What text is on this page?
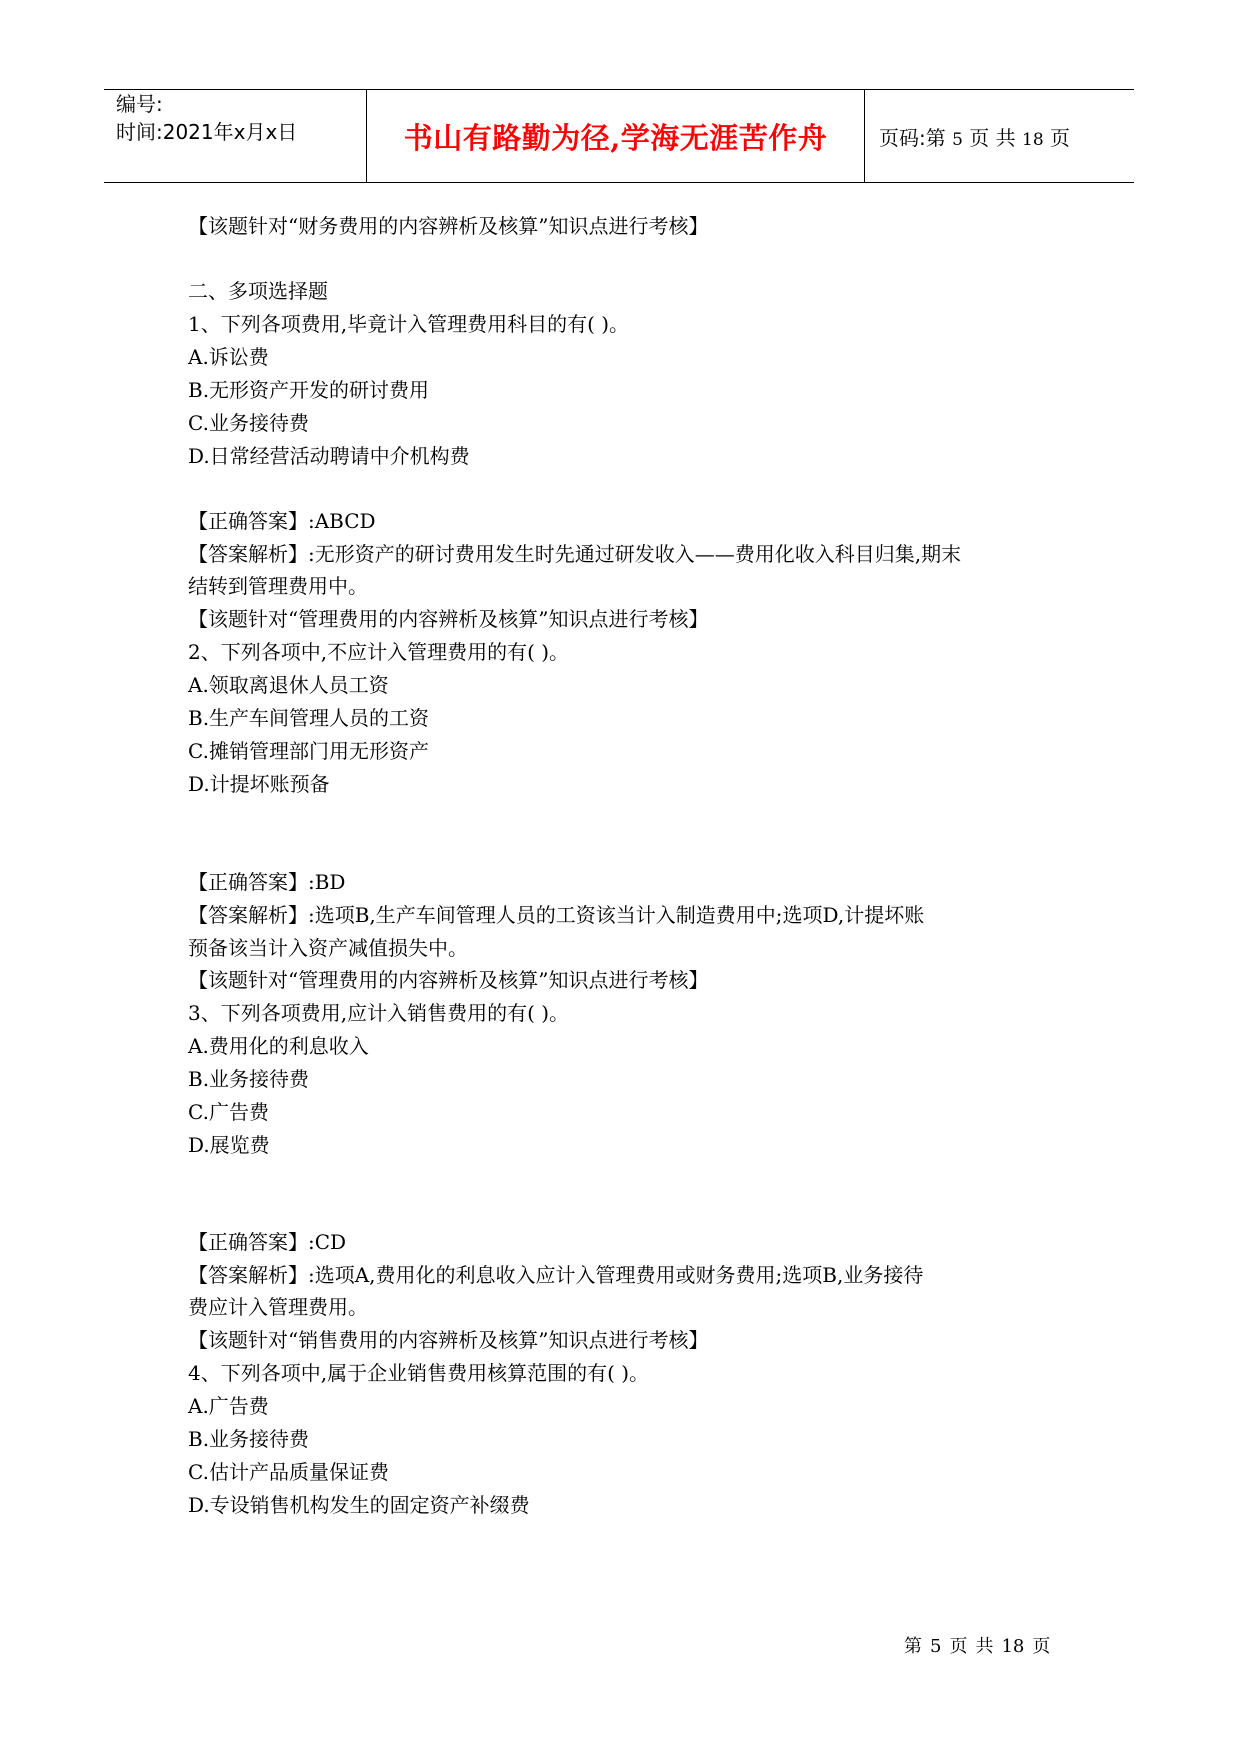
编号:
时间:2021年x月x日	书山有路勤为径,学海无涯苦作舟	页码:第 5 页 共 18 页
【该题针对“财务费用的内容辨析及核算”知识点进行考核】
二、多项选择题
1、下列各项费用,毕竟计入管理费用科目的有( )。
A.诉讼费
B.无形资产开发的研讨费用
C.业务接待费
D.日常经营活动聘请中介机构费
【正确答案】:ABCD
【答案解析】:无形资产的研讨费用发生时先通过研发收入——费用化收入科目归集,期末
结转到管理费用中。
【该题针对“管理费用的内容辨析及核算”知识点进行考核】
2、下列各项中,不应计入管理费用的有( )。
A.领取离退休人员工资
B.生产车间管理人员的工资
C.摊销管理部门用无形资产
D.计提坏账预备
【正确答案】:BD
【答案解析】:选项B,生产车间管理人员的工资该当计入制造费用中;选项D,计提坏账
预备该当计入资产减值损失中。
【该题针对“管理费用的内容辨析及核算”知识点进行考核】
3、下列各项费用,应计入销售费用的有( )。
A.费用化的利息收入
B.业务接待费
C.广告费
D.展览费
【正确答案】:CD
【答案解析】:选项A,费用化的利息收入应计入管理费用或财务费用;选项B,业务接待
费应计入管理费用。
【该题针对“销售费用的内容辨析及核算”知识点进行考核】
4、下列各项中,属于企业销售费用核算范围的有( )。
A.广告费
B.业务接待费
C.估计产品质量保证费
D.专设销售机构发生的固定资产补缀费
第 5 页 共 18 页
